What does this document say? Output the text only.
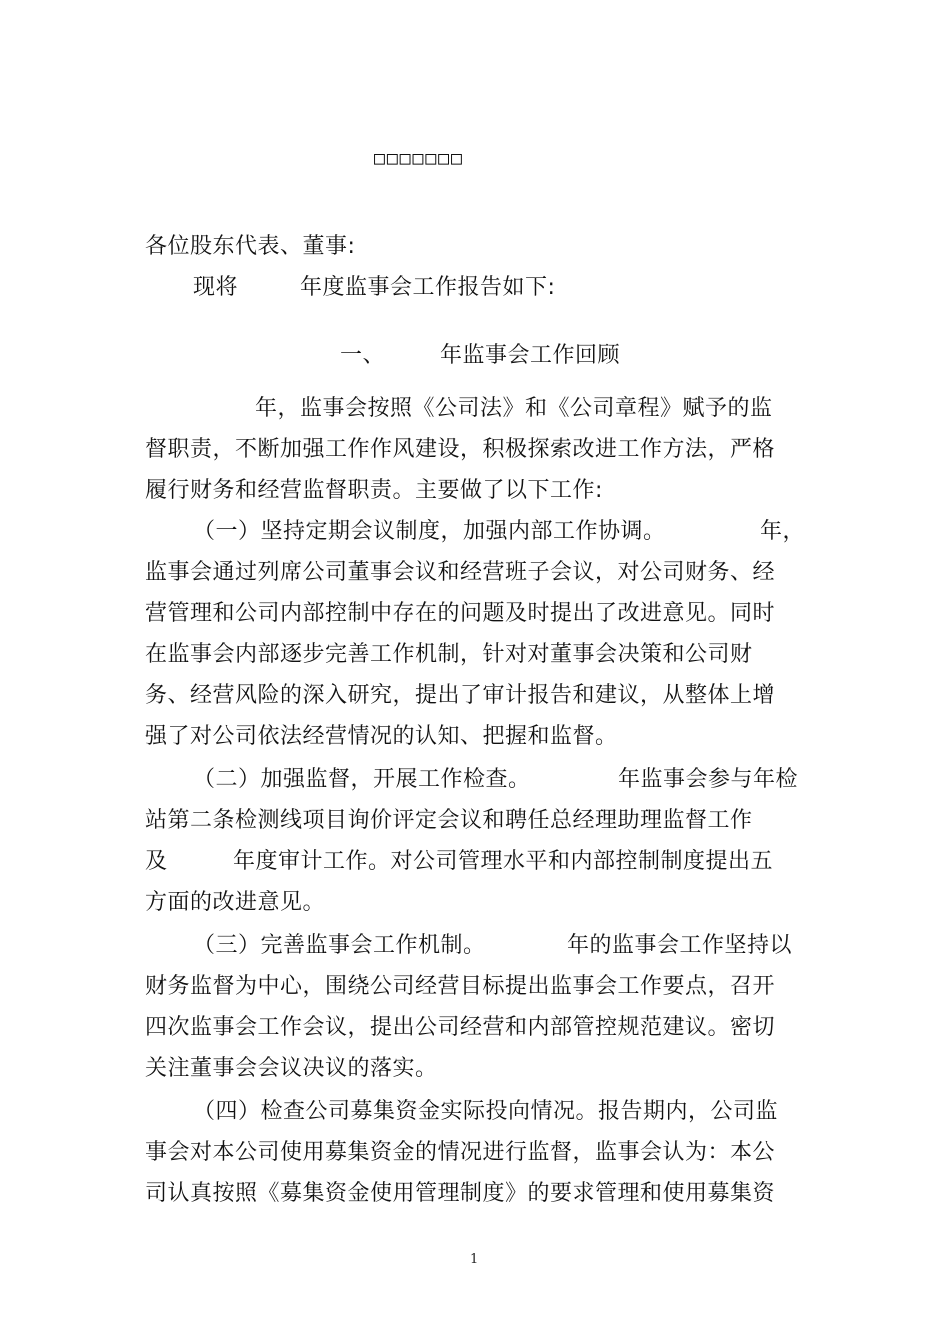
□□□□□□□
各位股东代表、董事:
现将	年度监事会工作报告如下:
一、 年监事会工作回顾
年，监事会按照《公司法》和《公司章程》赋予的监
督职责，不断加强工作作风建设，积极探索改进工作方法，严格
履行财务和经营监督职责。主要做了以下工作:
（一）坚持定期会议制度，加强内部工作协调。	年，
监事会通过列席公司董事会议和经营班子会议，对公司财务、经
营管理和公司内部控制中存在的问题及时提出了改进意见。同时
在监事会内部逐步完善工作机制，针对对董事会决策和公司财
务、经营风险的深入研究，提出了审计报告和建议，从整体上增
强了对公司依法经营情况的认知、把握和监督。
（二）加强监督，开展工作检查。	年监事会参与年检
站第二条检测线项目询价评定会议和聘任总经理助理监督工作
及	年度审计工作。对公司管理水平和内部控制制度提出五
方面的改进意见。
（三）完善监事会工作机制。	年的监事会工作坚持以
财务监督为中心，围绕公司经营目标提出监事会工作要点，召开
四次监事会工作会议，提出公司经营和内部管控规范建议。密切
关注董事会会议决议的落实。
（四）检查公司募集资金实际投向情况。报告期内，公司监
事会对本公司使用募集资金的情况进行监督，监事会认为：本公
司认真按照《募集资金使用管理制度》的要求管理和使用募集资
1
